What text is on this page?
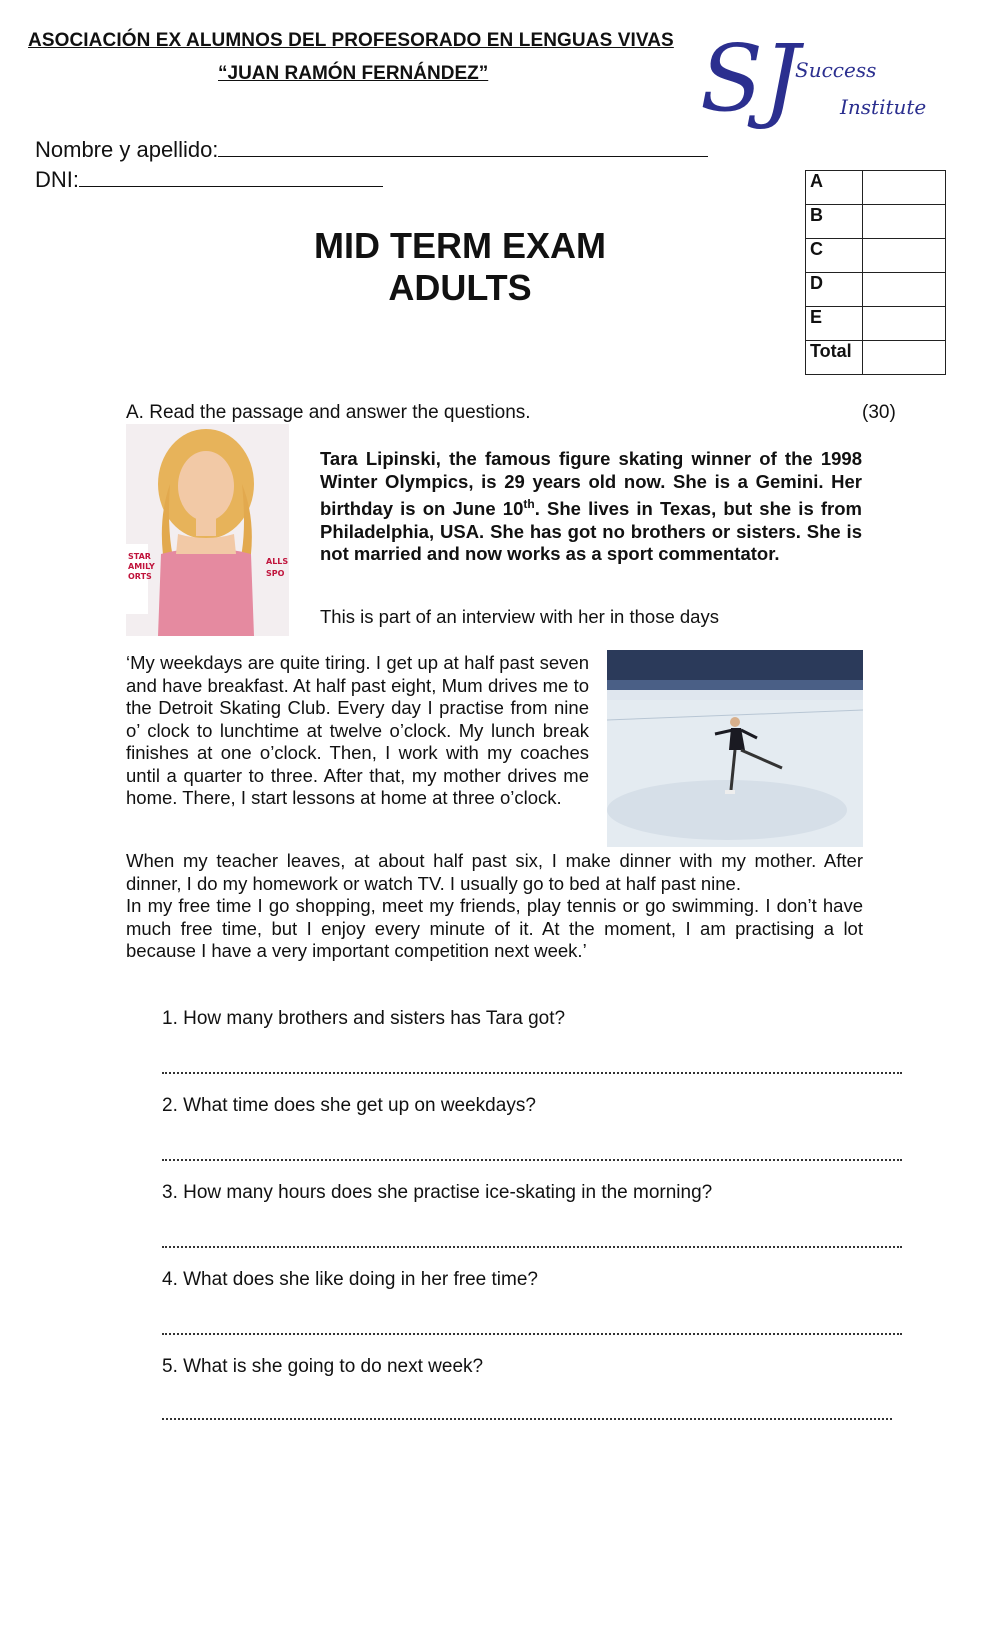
ASOCIACIÓN EX ALUMNOS DEL PROFESORADO EN LENGUAS VIVAS
“JUAN RAMÓN FERNÁNDEZ” SJ
Success
Institute
Nombre y apellido:
DNI:
MID TERM EXAM
ADULTS
A	
B	
C	
D	
E	
Total	
A. Read the passage and answer the questions.	(30)
STAR
AMILY
ORTS
ALLS
SPO
Tara Lipinski, the famous figure skating winner of the 1998 Winter Olympics, is 29 years old now. She is a Gemini. Her birthday is on June 10th. She lives in Texas, but she is from Philadelphia, USA. She has got no brothers or sisters. She is not married and now works as a sport commentator.
This is part of an interview with her in those days
‘My weekdays are quite tiring. I get up at half past seven and have breakfast. At half past eight, Mum drives me to the Detroit Skating Club. Every day I practise from nine o’ clock to lunchtime at twelve o’clock. My lunch break finishes at one o’clock. Then, I work with my coaches until a quarter to three. After that, my mother drives me home. There, I start lessons at home at three o’clock.
When my teacher leaves, at about half past six, I make dinner with my mother. After dinner, I do my homework or watch TV. I usually go to bed at half past nine.
In my free time I go shopping, meet my friends, play tennis or go swimming. I don’t have much free time, but I enjoy every minute of it. At the moment, I am practising a lot because I have a very important competition next week.’
1. How many brothers and sisters has Tara got?
2. What time does she get up on weekdays?
3. How many hours does she practise ice-skating in the morning?
4. What does she like doing in her free time?
5. What is she going to do next week?
